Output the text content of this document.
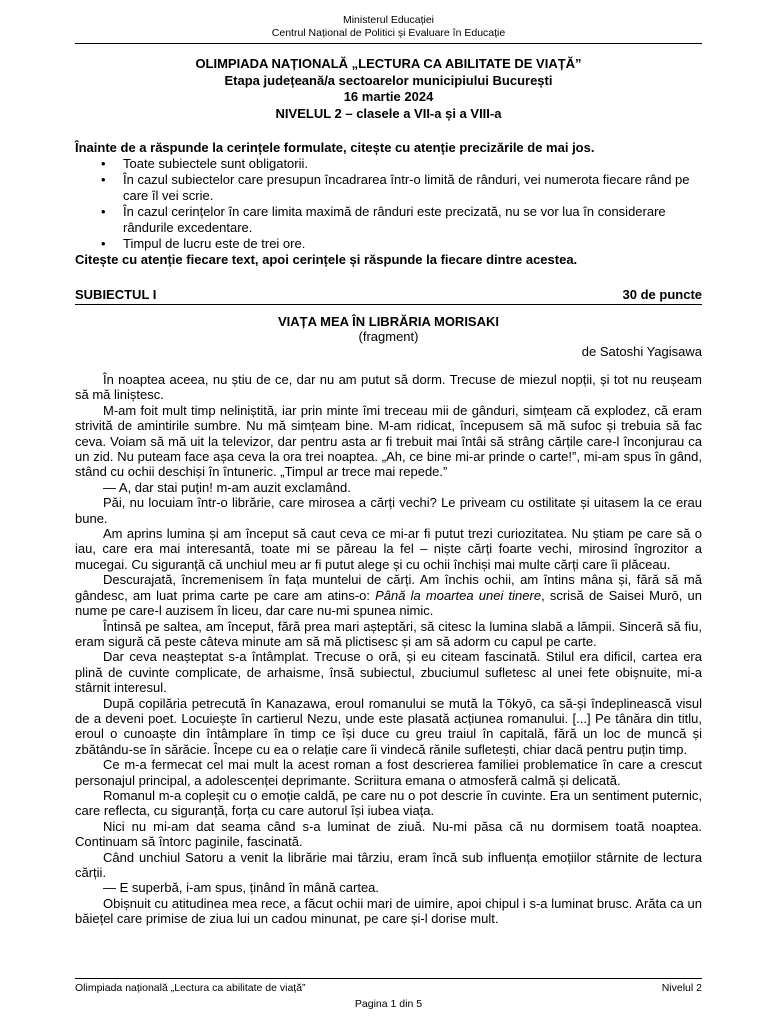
Ministerul Educației
Centrul Național de Politici și Evaluare în Educație
OLIMPIADA NAȚIONALĂ „LECTURA CA ABILITATE DE VIAȚĂ”
Etapa județeană/a sectoarelor municipiului București
16 martie 2024
NIVELUL 2 – clasele a VII-a și a VIII-a
Înainte de a răspunde la cerințele formulate, citește cu atenție precizările de mai jos.
• Toate subiectele sunt obligatorii.
• În cazul subiectelor care presupun încadrarea într-o limită de rânduri, vei numerota fiecare rând pe care îl vei scrie.
• În cazul cerințelor în care limita maximă de rânduri este precizată, nu se vor lua în considerare rândurile excedentare.
• Timpul de lucru este de trei ore.
Citește cu atenție fiecare text, apoi cerințele și răspunde la fiecare dintre acestea.
SUBIECTUL I	30 de puncte
VIAȚA MEA ÎN LIBRĂRIA MORISAKI
(fragment)
de Satoshi Yagisawa

În noaptea aceea, nu știu de ce, dar nu am putut să dorm. Trecuse de miezul nopții, și tot nu reușeam să mă liniștesc.

M-am foit mult timp neliniștită, iar prin minte îmi treceau mii de gânduri, simțeam că explodez, că eram strivită de amintirile sumbre. Nu mă simțeam bine. M-am ridicat, începusem să mă sufoc și trebuia să fac ceva. Voiam să mă uit la televizor, dar pentru asta ar fi trebuit mai întâi să strâng cărțile care-l înconjurau ca un zid. Nu puteam face așa ceva la ora trei noaptea. „Ah, ce bine mi-ar prinde o carte!”, mi-am spus în gând, stând cu ochii deschiși în întuneric. „Timpul ar trece mai repede.”

— A, dar stai puțin! m-am auzit exclamând.

Păi, nu locuiam într-o librărie, care mirosea a cărți vechi? Le priveam cu ostilitate și uitasem la ce erau bune.

Am aprins lumina și am început să caut ceva ce mi-ar fi putut trezi curiozitatea. Nu știam pe care să o iau, care era mai interesantă, toate mi se păreau la fel – niște cărți foarte vechi, mirosind îngrozitor a mucegai. Cu siguranță că unchiul meu ar fi putut alege și cu ochii închiși mai multe cărți care îi plăceau.

Descurajată, încremenisem în fața muntelui de cărți. Am închis ochii, am întins mâna și, fără să mă gândesc, am luat prima carte pe care am atins-o: Până la moartea unei tinere, scrisă de Saisei Murō, un nume pe care-l auzisem în liceu, dar care nu-mi spunea nimic.

Întinsă pe saltea, am început, fără prea mari așteptări, să citesc la lumina slabă a lămpii. Sinceră să fiu, eram sigură că peste câteva minute am să mă plictisesc și am să adorm cu capul pe carte.

Dar ceva neașteptat s-a întâmplat. Trecuse o oră, și eu citeam fascinată. Stilul era dificil, cartea era plină de cuvinte complicate, de arhaisme, însă subiectul, zbuciumul sufletesc al unei fete obișnuite, mi-a stârnit interesul.

După copilăria petrecută în Kanazawa, eroul romanului se mută la Tōkyō, ca să-și îndeplinească visul de a deveni poet. Locuiește în cartierul Nezu, unde este plasată acțiunea romanului. [...] Pe tânăra din titlu, eroul o cunoaște din întâmplare în timp ce își duce cu greu traiul în capitală, fără un loc de muncă și zbătându-se în sărăcie. Începe cu ea o relație care îi vindecă rănile sufletești, chiar dacă pentru puțin timp.

Ce m-a fermecat cel mai mult la acest roman a fost descrierea familiei problematice în care a crescut personajul principal, a adolescenței deprimante. Scriitura emana o atmosferă calmă și delicată.

Romanul m-a copleșit cu o emoție caldă, pe care nu o pot descrie în cuvinte. Era un sentiment puternic, care reflecta, cu siguranță, forța cu care autorul își iubea viața.

Nici nu mi-am dat seama când s-a luminat de ziuă. Nu-mi păsa că nu dormisem toată noaptea. Continuam să întorc paginile, fascinată.

Când unchiul Satoru a venit la librărie mai târziu, eram încă sub influența emoțiilor stârnite de lectura cărții.

— E superbă, i-am spus, ținând în mână cartea.

Obișnuit cu atitudinea mea rece, a făcut ochii mari de uimire, apoi chipul i s-a luminat brusc. Arăta ca un băiețel care primise de ziua lui un cadou minunat, pe care și-l dorise mult.

Olimpiada națională „Lectura ca abilitate de viață”	Nivelul 2
Pagina 1 din 5
